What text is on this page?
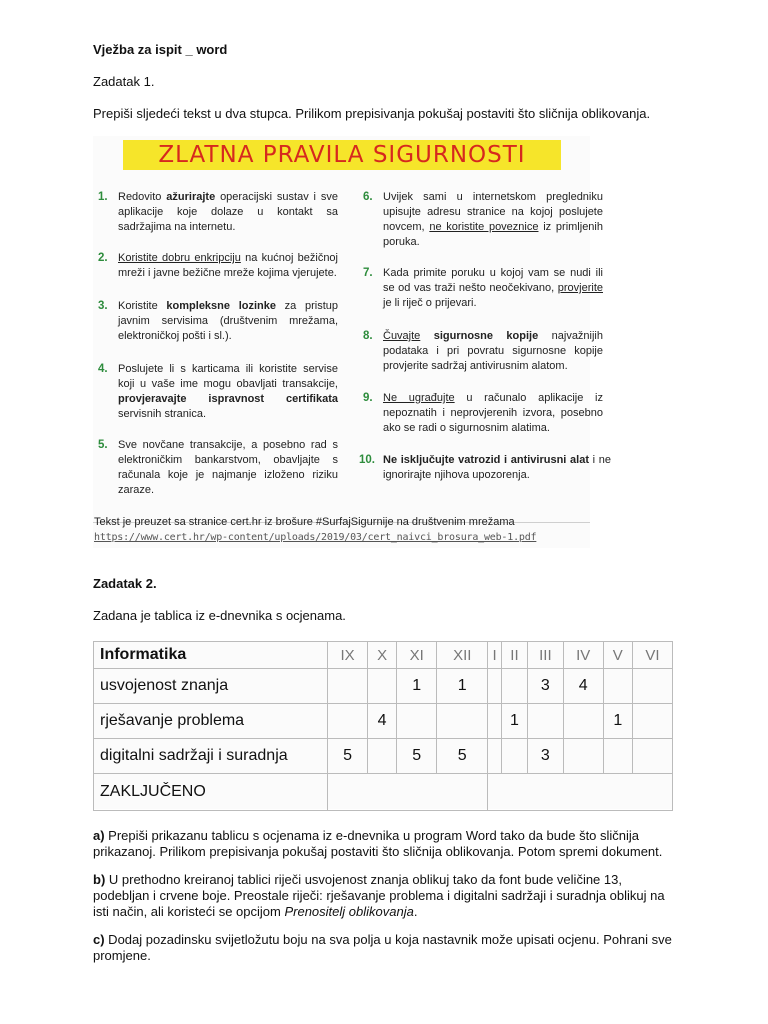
Vježba za ispit _ word
Zadatak 1.
Prepiši sljedeći tekst u dva stupca. Prilikom prepisivanja pokušaj postaviti što sličnija oblikovanja.
ZLATNA PRAVILA SIGURNOSTI
1. Redovito ažurirajte operacijski sustav i sve aplikacije koje dolaze u kontakt sa sadržajima na internetu.
2. Koristite dobru enkripciju na kućnoj bežičnoj mreži i javne bežične mreže kojima vjerujete.
3. Koristite kompleksne lozinke za pristup javnim servisima (društvenim mrežama, elektroničkoj pošti i sl.).
4. Poslujete li s karticama ili koristite servise koji u vaše ime mogu obavljati transakcije, provjeravajte ispravnost certifikata servisnih stranica.
5. Sve novčane transakcije, a posebno rad s elektroničkim bankarstvom, obavljajte s računala koje je najmanje izloženo riziku zaraze.
6. Uvijek sami u internetskom pregledniku upisujte adresu stranice na kojoj poslujete novcem, ne koristite poveznice iz primljenih poruka.
7. Kada primite poruku u kojoj vam se nudi ili se od vas traži nešto neočekivano, provjerite je li riječ o prijevari.
8. Čuvajte sigurnosne kopije najvažnijih podataka i pri povratu sigurnosne kopije provjerite sadržaj antivirusnim alatom.
9. Ne ugrađujte u računalo aplikacije iz nepoznatih i neprovjerenih izvora, posebno ako se radi o sigurnosnim alatima.
10. Ne isključujte vatrozid i antivirusni alat i ne ignorirajte njihova upozorenja.
Tekst je preuzet sa stranice cert.hr iz brošure #SurfajSigurnije na društvenim mrežama
https://www.cert.hr/wp-content/uploads/2019/03/cert_naivci_brosura_web-1.pdf
Zadatak 2.
Zadana je tablica iz e-dnevnika s ocjenama.
Informatika	IX	X	XI	XII	I	II	III	IV	V	VI
usvojenost znanja			1	1			3	4		
rješavanje problema		4				1			1	
digitalni sadržaji i suradnja	5		5	5			3			
ZAKLJUČENO										
a) Prepiši prikazanu tablicu s ocjenama iz e-dnevnika u program Word tako da bude što sličnija prikazanoj. Prilikom prepisivanja pokušaj postaviti što sličnija oblikovanja. Potom spremi dokument.
b) U prethodno kreiranoj tablici riječi usvojenost znanja oblikuj tako da font bude veličine 13, podebljan i crvene boje. Preostale riječi: rješavanje problema i digitalni sadržaji i suradnja oblikuj na isti način, ali koristeći se opcijom Prenositelj oblikovanja.
c) Dodaj pozadinsku svijetložutu boju na sva polja u koja nastavnik može upisati ocjenu. Pohrani sve promjene.
